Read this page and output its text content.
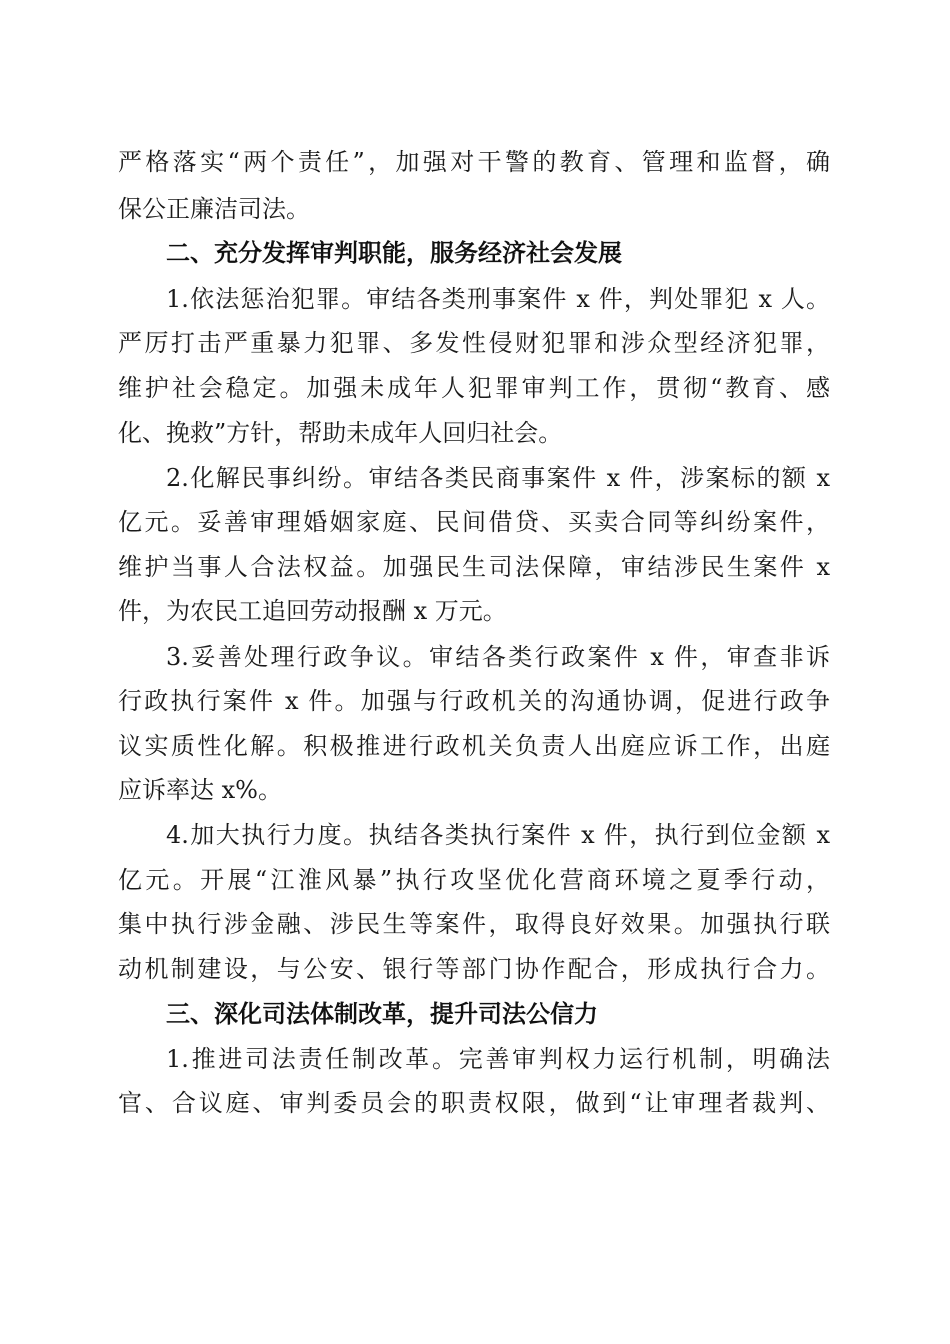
严格落实“两个责任”，加强对干警的教育、管理和监督，确
保公正廉洁司法。
二、充分发挥审判职能，服务经济社会发展
1.依法惩治犯罪。审结各类刑事案件 x 件，判处罪犯 x 人。
严厉打击严重暴力犯罪、多发性侵财犯罪和涉众型经济犯罪，
维护社会稳定。加强未成年人犯罪审判工作，贯彻“教育、感
化、挽救”方针，帮助未成年人回归社会。
2.化解民事纠纷。审结各类民商事案件 x 件，涉案标的额 x
亿元。妥善审理婚姻家庭、民间借贷、买卖合同等纠纷案件，
维护当事人合法权益。加强民生司法保障，审结涉民生案件 x
件，为农民工追回劳动报酬 x 万元。
3.妥善处理行政争议。审结各类行政案件 x 件，审查非诉
行政执行案件 x 件。加强与行政机关的沟通协调，促进行政争
议实质性化解。积极推进行政机关负责人出庭应诉工作，出庭
应诉率达 x%。
4.加大执行力度。执结各类执行案件 x 件，执行到位金额 x
亿元。开展“江淮风暴”执行攻坚优化营商环境之夏季行动，
集中执行涉金融、涉民生等案件，取得良好效果。加强执行联
动机制建设，与公安、银行等部门协作配合，形成执行合力。
三、深化司法体制改革，提升司法公信力
1.推进司法责任制改革。完善审判权力运行机制，明确法
官、合议庭、审判委员会的职责权限，做到“让审理者裁判、
